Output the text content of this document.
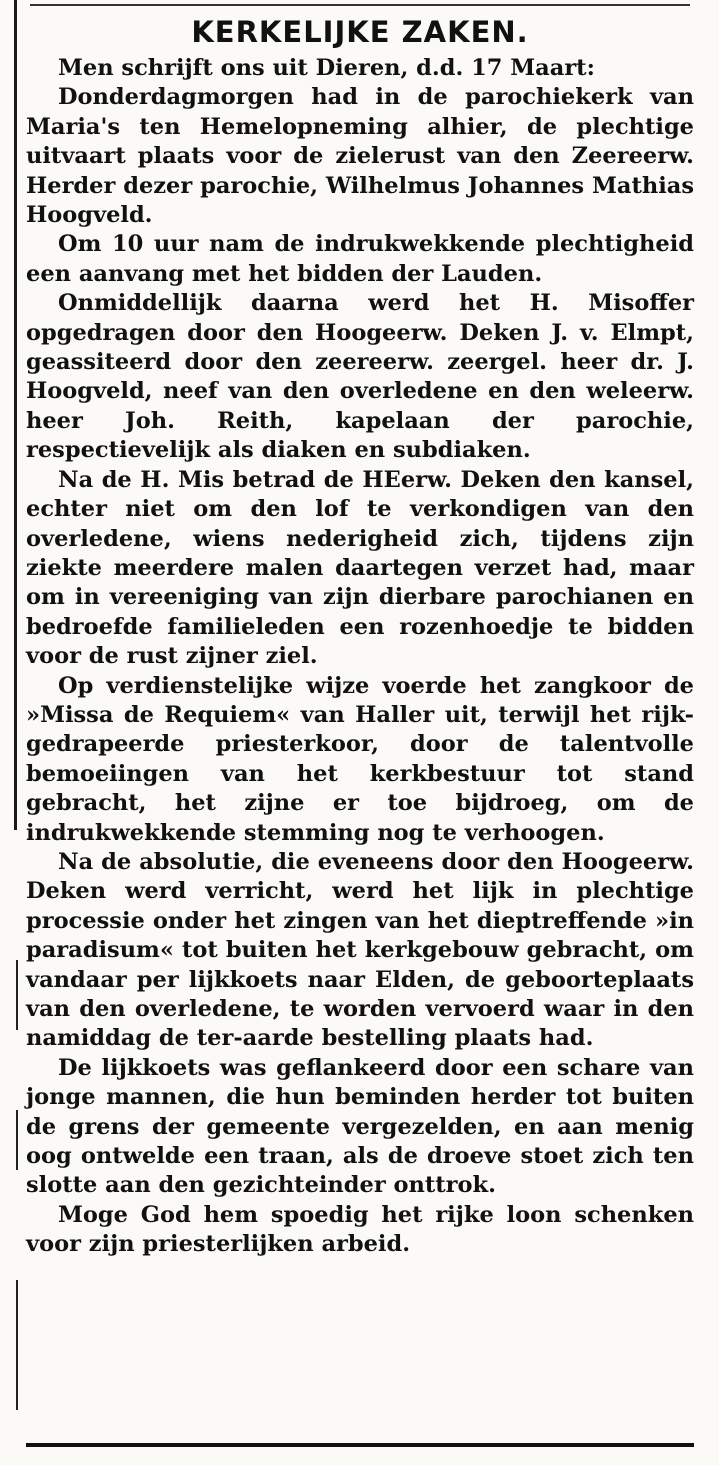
KERKELIJKE ZAKEN.

Men schrijft ons uit Dieren, d.d. 17 Maart:

Donderdagmorgen had in de parochiekerk van Maria's ten Hemelopneming alhier, de plechtige uitvaart plaats voor de zielerust van den Zeereerw. Herder dezer parochie, Wilhelmus Johannes Mathias Hoogveld.

Om 10 uur nam de indrukwekkende plechtigheid een aanvang met het bidden der Lauden.

Onmiddellijk daarna werd het H. Misoffer opgedragen door den Hoogeerw. Deken J. v. Elmpt, geassiteerd door den zeereerw. zeergel. heer dr. J. Hoogveld, neef van den overledene en den weleerw. heer Joh. Reith, kapelaan der parochie, respectievelijk als diaken en subdiaken.

Na de H. Mis betrad de HEerw. Deken den kansel, echter niet om den lof te verkondigen van den overledene, wiens nederigheid zich, tijdens zijn ziekte meerdere malen daartegen verzet had, maar om in vereeniging van zijn dierbare parochianen en bedroefde familieleden een rozenhoedje te bidden voor de rust zijner ziel.

Op verdienstelijke wijze voerde het zangkoor de »Missa de Requiem« van Haller uit, terwijl het rijk-gedrapeerde priesterkoor, door de talentvolle bemoeiingen van het kerkbestuur tot stand gebracht, het zijne er toe bijdroeg, om de indrukwekkende stemming nog te verhoogen.

Na de absolutie, die eveneens door den Hoogeerw. Deken werd verricht, werd het lijk in plechtige processie onder het zingen van het dieptreffende »in paradisum« tot buiten het kerkgebouw gebracht, om vandaar per lijkkoets naar Elden, de geboorteplaats van den overledene, te worden vervoerd waar in den namiddag de ter-aarde bestelling plaats had.

De lijkkoets was geflankeerd door een schare van jonge mannen, die hun beminden herder tot buiten de grens der gemeente vergezelden, en aan menig oog ontwelde een traan, als de droeve stoet zich ten slotte aan den gezichteinder onttrok.

Moge God hem spoedig het rijke loon schenken voor zijn priesterlijken arbeid.
